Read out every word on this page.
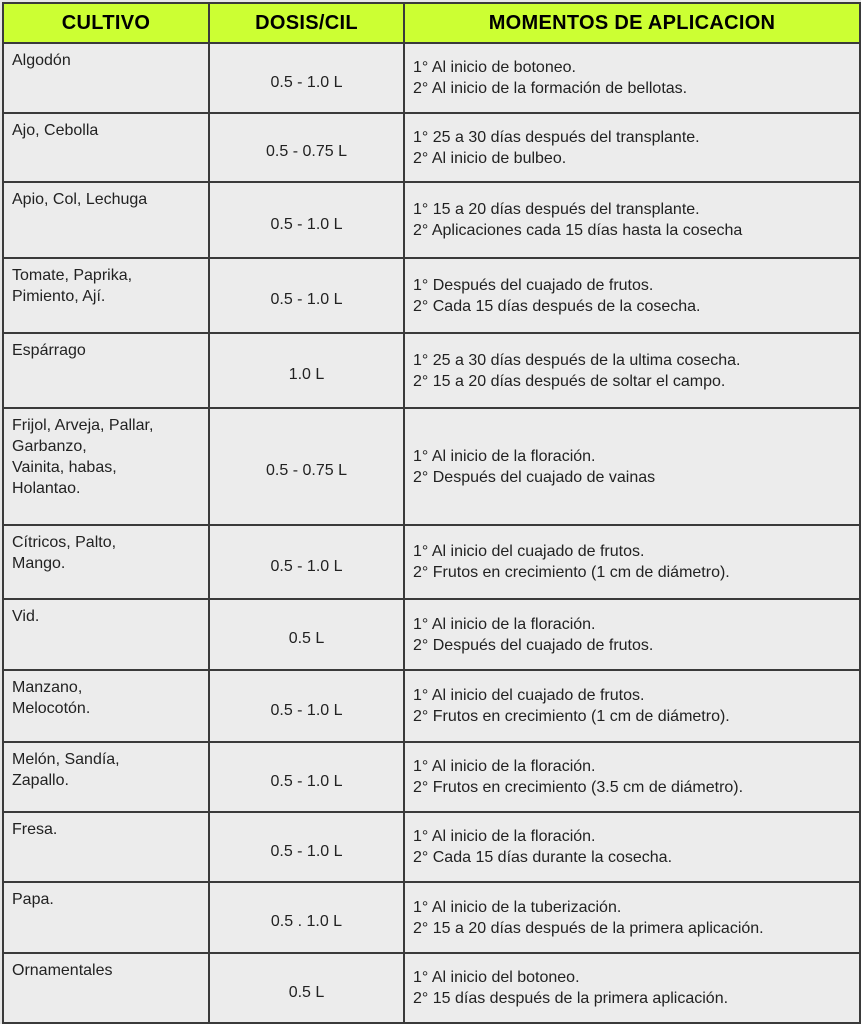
CULTIVO	DOSIS/CIL	MOMENTOS DE APLICACION

Algodón	0.5 - 1.0 L	1° Al inicio de botoneo.
2° Al inicio de la formación de bellotas.

Ajo, Cebolla	0.5 - 0.75 L	1° 25 a 30 días después del transplante.
2° Al inicio de bulbeo.

Apio, Col, Lechuga	0.5 - 1.0 L	1° 15 a 20 días después del transplante.
2° Aplicaciones cada 15 días hasta la cosecha

Tomate, Paprika,
Pimiento, Ají.	0.5 - 1.0 L	1° Después del cuajado de frutos.
2° Cada 15 días después de la cosecha.

Espárrago	1.0 L	1° 25 a 30 días después de la ultima cosecha.
2° 15 a 20 días después de soltar el campo.

Frijol, Arveja, Pallar,
Garbanzo,
Vainita, habas,
Holantao.	0.5 - 0.75 L	1° Al inicio de la floración.
2° Después del cuajado de vainas

Cítricos, Palto,
Mango.	0.5 - 1.0 L	1° Al inicio del cuajado de frutos.
2° Frutos en crecimiento (1 cm de diámetro).

Vid.	0.5 L	1° Al inicio de la floración.
2° Después del cuajado de frutos.

Manzano,
Melocotón.	0.5 - 1.0 L	1° Al inicio del cuajado de frutos.
2° Frutos en crecimiento (1 cm de diámetro).

Melón, Sandía,
Zapallo.	0.5 - 1.0 L	1° Al inicio de la floración.
2° Frutos en crecimiento (3.5 cm de diámetro).

Fresa.	0.5 - 1.0 L	1° Al inicio de la floración.
2° Cada 15 días durante la cosecha.

Papa.	0.5 . 1.0 L	1° Al inicio de la tuberización.
2° 15 a 20 días después de la primera aplicación.

Ornamentales	0.5 L	1° Al inicio del botoneo.
2° 15 días después de la primera aplicación.
